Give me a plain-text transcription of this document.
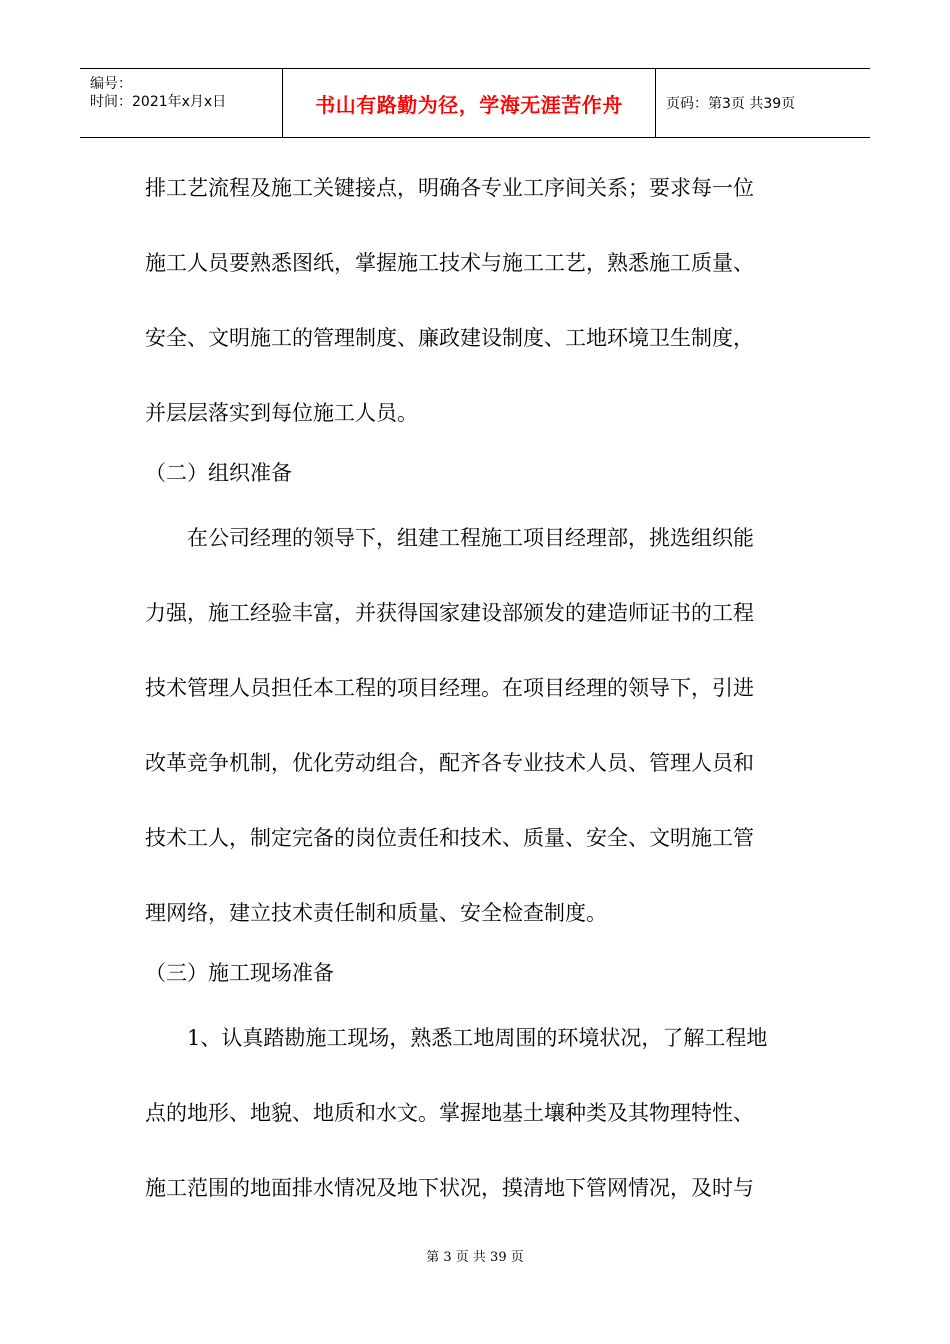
编号：
时间：2021年x月x日	书山有路勤为径，学海无涯苦作舟	页码：第3页 共39页
排工艺流程及施工关键接点，明确各专业工序间关系；要求每一位
施工人员要熟悉图纸，掌握施工技术与施工工艺，熟悉施工质量、
安全、文明施工的管理制度、廉政建设制度、工地环境卫生制度，
并层层落实到每位施工人员。
（二）组织准备
　　在公司经理的领导下，组建工程施工项目经理部，挑选组织能
力强，施工经验丰富，并获得国家建设部颁发的建造师证书的工程
技术管理人员担任本工程的项目经理。在项目经理的领导下，引进
改革竞争机制，优化劳动组合，配齐各专业技术人员、管理人员和
技术工人，制定完备的岗位责任和技术、质量、安全、文明施工管
理网络，建立技术责任制和质量、安全检查制度。
（三）施工现场准备
　　1、认真踏勘施工现场，熟悉工地周围的环境状况，了解工程地
点的地形、地貌、地质和水文。掌握地基土壤种类及其物理特性、
施工范围的地面排水情况及地下状况，摸清地下管网情况，及时与
第 3 页 共 39 页
